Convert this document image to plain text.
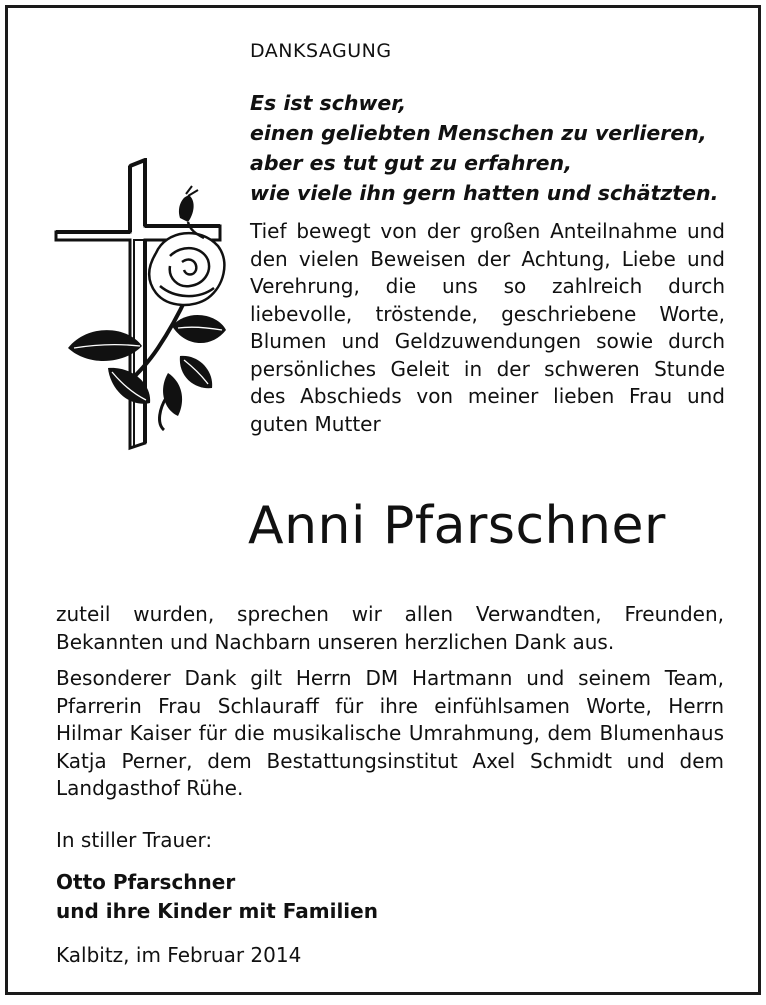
DANKSAGUNG
Es ist schwer,
einen geliebten Menschen zu verlieren,
aber es tut gut zu erfahren,
wie viele ihn gern hatten und schätzten.

Tief bewegt von der großen Anteilnahme und den vielen Beweisen der Achtung, Liebe und Verehrung, die uns so zahlreich durch liebevolle, tröstende, geschriebene Worte, Blumen und Geldzuwendungen sowie durch persönliches Geleit in der schweren Stunde des Abschieds von meiner lieben Frau und guten Mutter

Anni Pfarschner

zuteil wurden, sprechen wir allen Verwandten, Freunden, Bekannten und Nachbarn unseren herzlichen Dank aus.

Besonderer Dank gilt Herrn DM Hartmann und seinem Team, Pfarrerin Frau Schlauraff für ihre einfühlsamen Worte, Herrn Hilmar Kaiser für die musikalische Umrahmung, dem Blumenhaus Katja Perner, dem Bestattungsinstitut Axel Schmidt und dem Landgasthof Rühe.

In stiller Trauer:
Otto Pfarschner
und ihre Kinder mit Familien
Kalbitz, im Februar 2014
